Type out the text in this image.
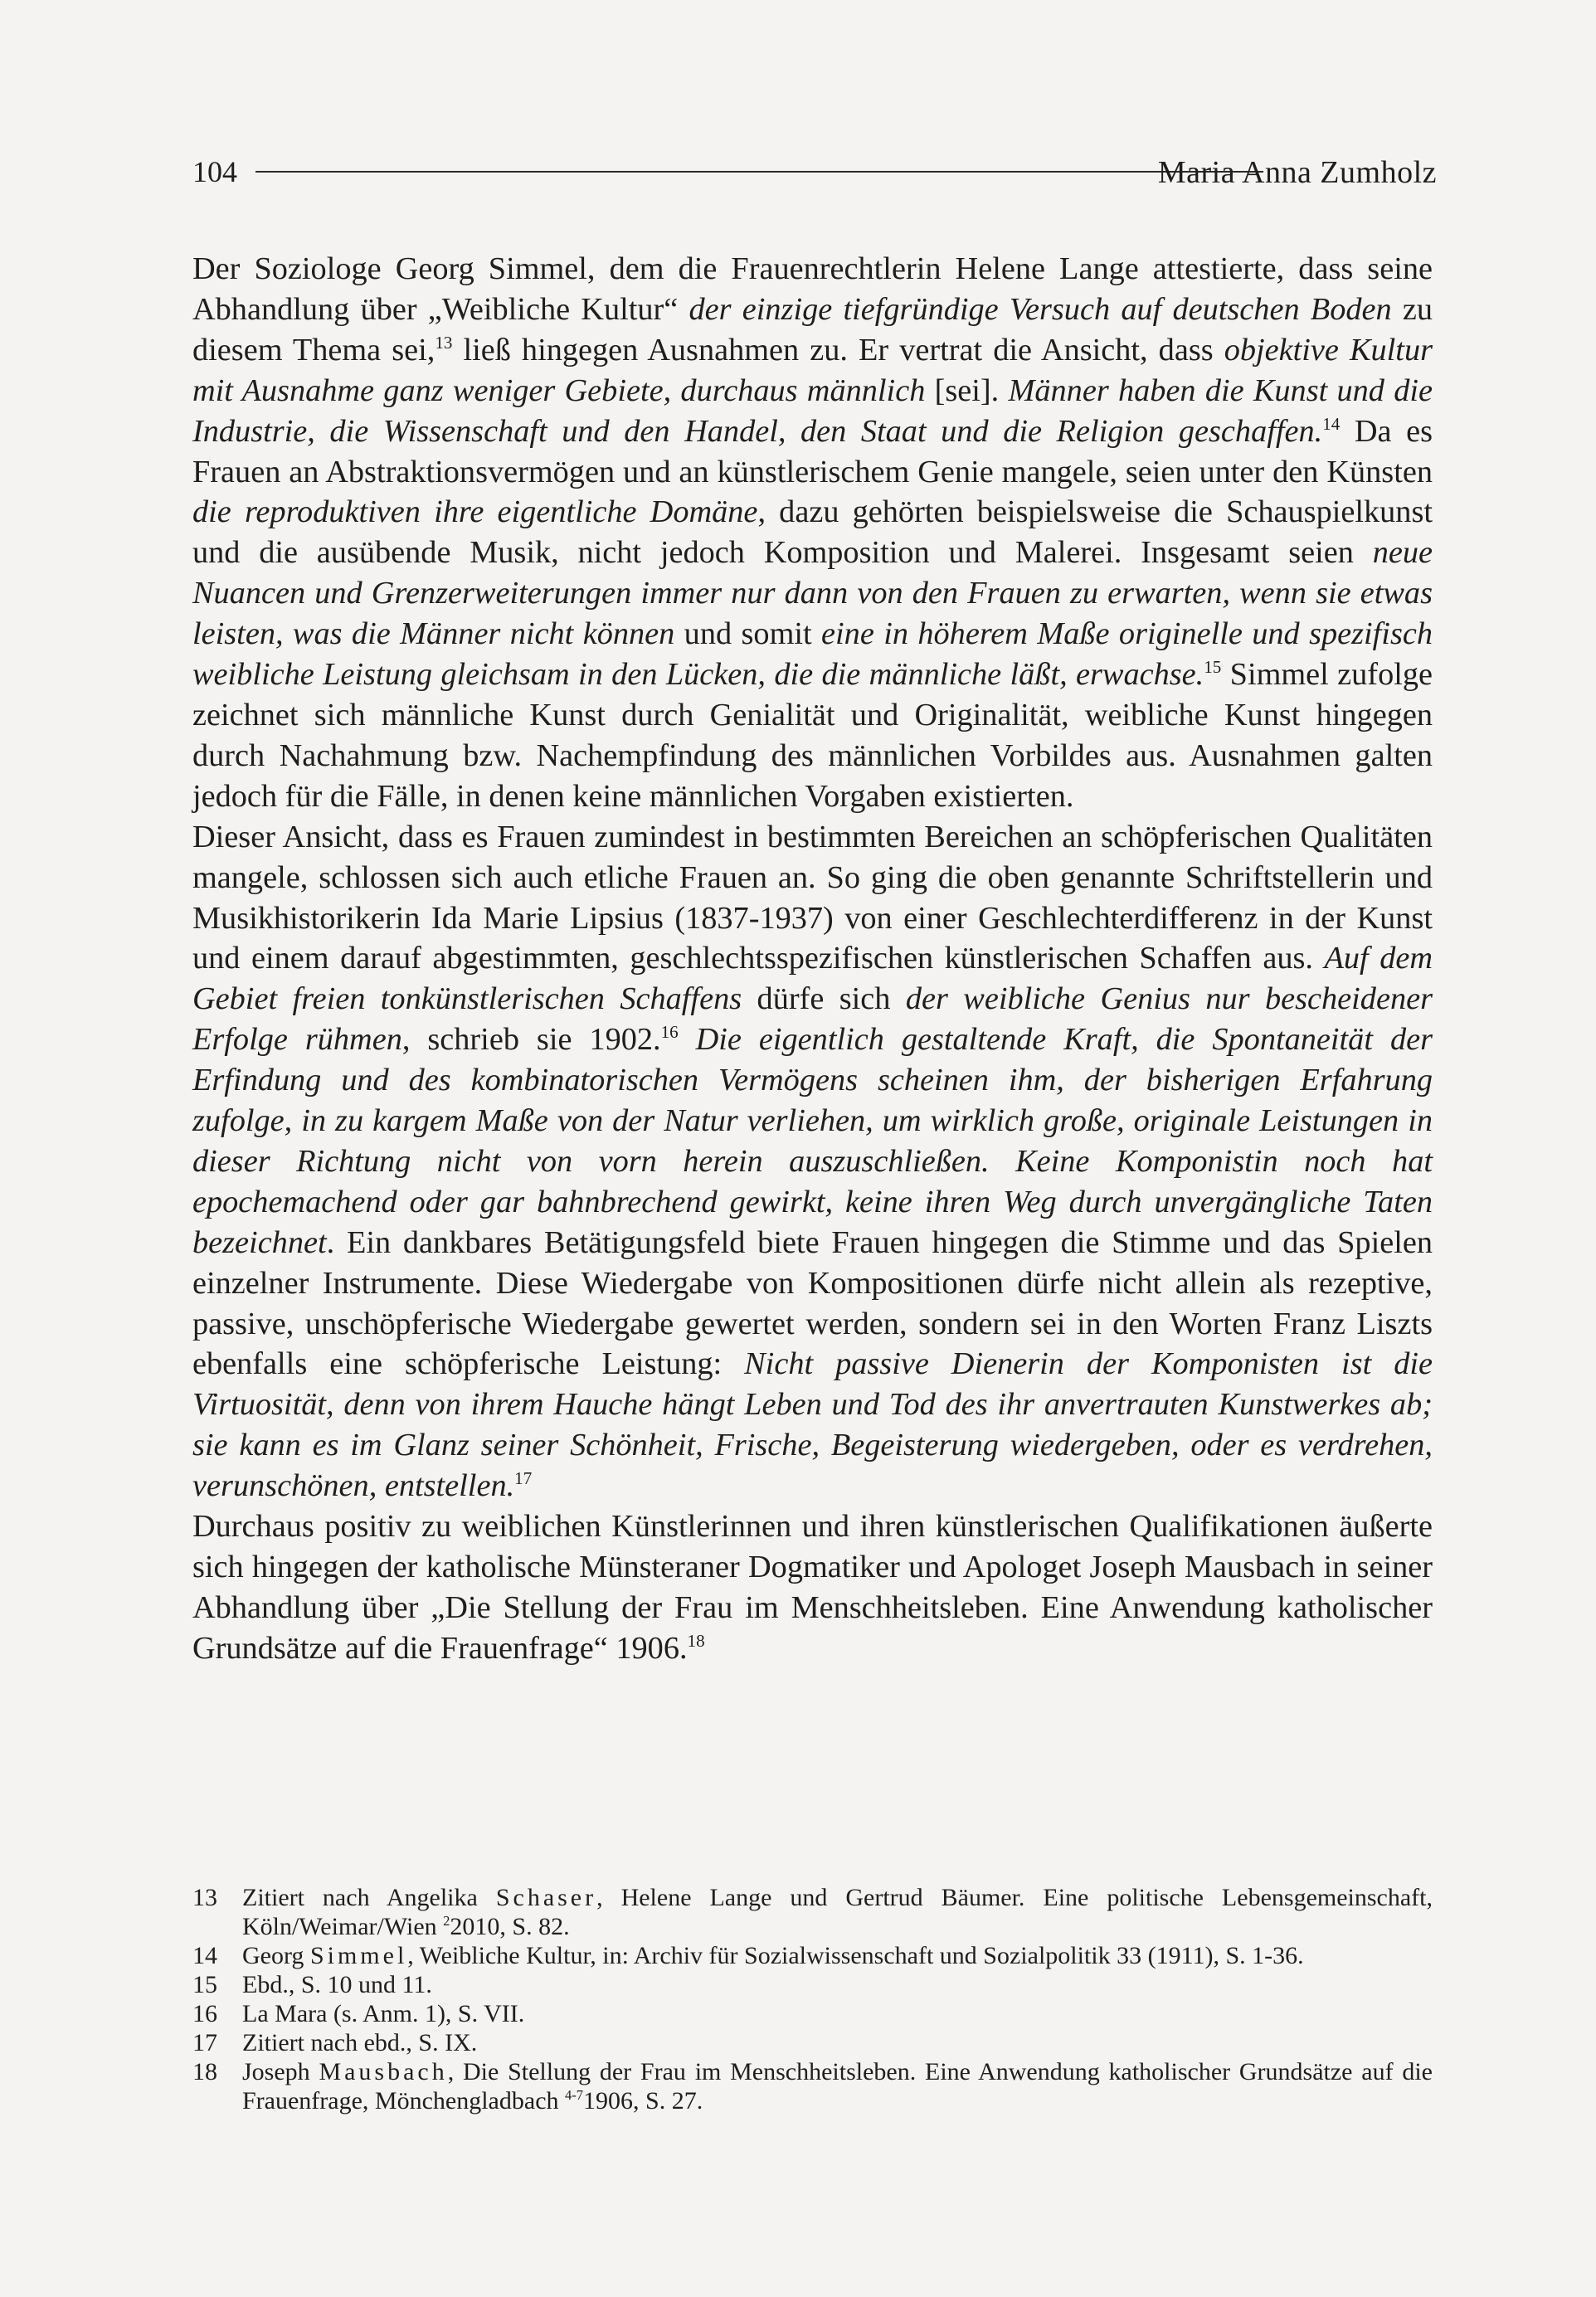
104	Maria Anna Zumholz

Der Soziologe Georg Simmel, dem die Frauenrechtlerin Helene Lange attestierte, dass seine Abhandlung über „Weibliche Kultur“ der einzige tiefgründige Versuch auf deutschen Boden zu diesem Thema sei,$^{13}$ ließ hingegen Ausnahmen zu. Er vertrat die Ansicht, dass objektive Kultur mit Ausnahme ganz weniger Gebiete, durchaus männlich [sei]. Männer haben die Kunst und die Industrie, die Wissenschaft und den Handel, den Staat und die Religion geschaffen.$^{14}$ Da es Frauen an Abstraktionsvermögen und an künstlerischem Genie mangele, seien unter den Künsten die reproduktiven ihre eigentliche Domäne, dazu gehörten beispielsweise die Schauspielkunst und die ausübende Musik, nicht jedoch Komposition und Malerei. Insgesamt seien neue Nuancen und Grenzerweiterungen immer nur dann von den Frauen zu erwarten, wenn sie etwas leisten, was die Männer nicht können und somit eine in höherem Maße originelle und spezifisch weibliche Leistung gleichsam in den Lücken, die die männliche läßt, erwachse.$^{15}$ Simmel zufolge zeichnet sich männliche Kunst durch Genialität und Originalität, weibliche Kunst hingegen durch Nachahmung bzw. Nachempfindung des männlichen Vorbildes aus. Ausnahmen galten jedoch für die Fälle, in denen keine männlichen Vorgaben existierten.

Dieser Ansicht, dass es Frauen zumindest in bestimmten Bereichen an schöpferischen Qualitäten mangele, schlossen sich auch etliche Frauen an. So ging die oben genannte Schriftstellerin und Musikhistorikerin Ida Marie Lipsius (1837-1937) von einer Geschlechterdifferenz in der Kunst und einem darauf abgestimmten, geschlechtsspezifischen künstlerischen Schaffen aus. Auf dem Gebiet freien tonkünstlerischen Schaffens dürfe sich der weibliche Genius nur bescheidener Erfolge rühmen, schrieb sie 1902.16 Die eigentlich gestaltende Kraft, die Spontaneität der Erfindung und des kombinatorischen Vermögens scheinen ihm, der bisherigen Erfahrung zufolge, in zu kargem Maße von der Natur verliehen, um wirklich große, originale Leistungen in dieser Richtung nicht von vorn herein auszuschließen. Keine Komponistin noch hat epochemachend oder gar bahnbrechend gewirkt, keine ihren Weg durch unvergängliche Taten bezeichnet. Ein dankbares Betätigungsfeld biete Frauen hingegen die Stimme und das Spielen einzelner Instrumente. Diese Wiedergabe von Kompositionen dürfe nicht allein als rezeptive, passive, unschöpferische Wiedergabe gewertet werden, sondern sei in den Worten Franz Liszts ebenfalls eine schöpferische Leistung: Nicht passive Dienerin der Komponisten ist die Virtuosität, denn von ihrem Hauche hängt Leben und Tod des ihr anvertrauten Kunstwerkes ab; sie kann es im Glanz seiner Schönheit, Frische, Begeisterung wiedergeben, oder es verdrehen, verunschönen, entstellen.$^{17}$

Durchaus positiv zu weiblichen Künstlerinnen und ihren künstlerischen Qualifikationen äußerte sich hingegen der katholische Münsteraner Dogmatiker und Apologet Joseph Mausbach in seiner Abhandlung über „Die Stellung der Frau im Menschheitsleben. Eine Anwendung katholischer Grundsätze auf die Frauenfrage“ 1906.18

13 Zitiert nach Angelika Schaser, Helene Lange und Gertrud Bäumer. Eine politische Lebensgemeinschaft, Köln/Weimar/Wien $^2$2010, S. 82.
14 Georg Simmel, Weibliche Kultur, in: Archiv für Sozialwissenschaft und Sozialpolitik 33 (1911), S. 1-36.
15 Ebd., S. 10 und 11.
16 La Mara (s. Anm. 1), S. VII.
17 Zitiert nach ebd., S. IX.
18 Joseph Mausbach, Die Stellung der Frau im Menschheitsleben. Eine Anwendung katholischer Grundsätze auf die Frauenfrage, Mönchengladbach $^{4-7}$1906, S. 27.
